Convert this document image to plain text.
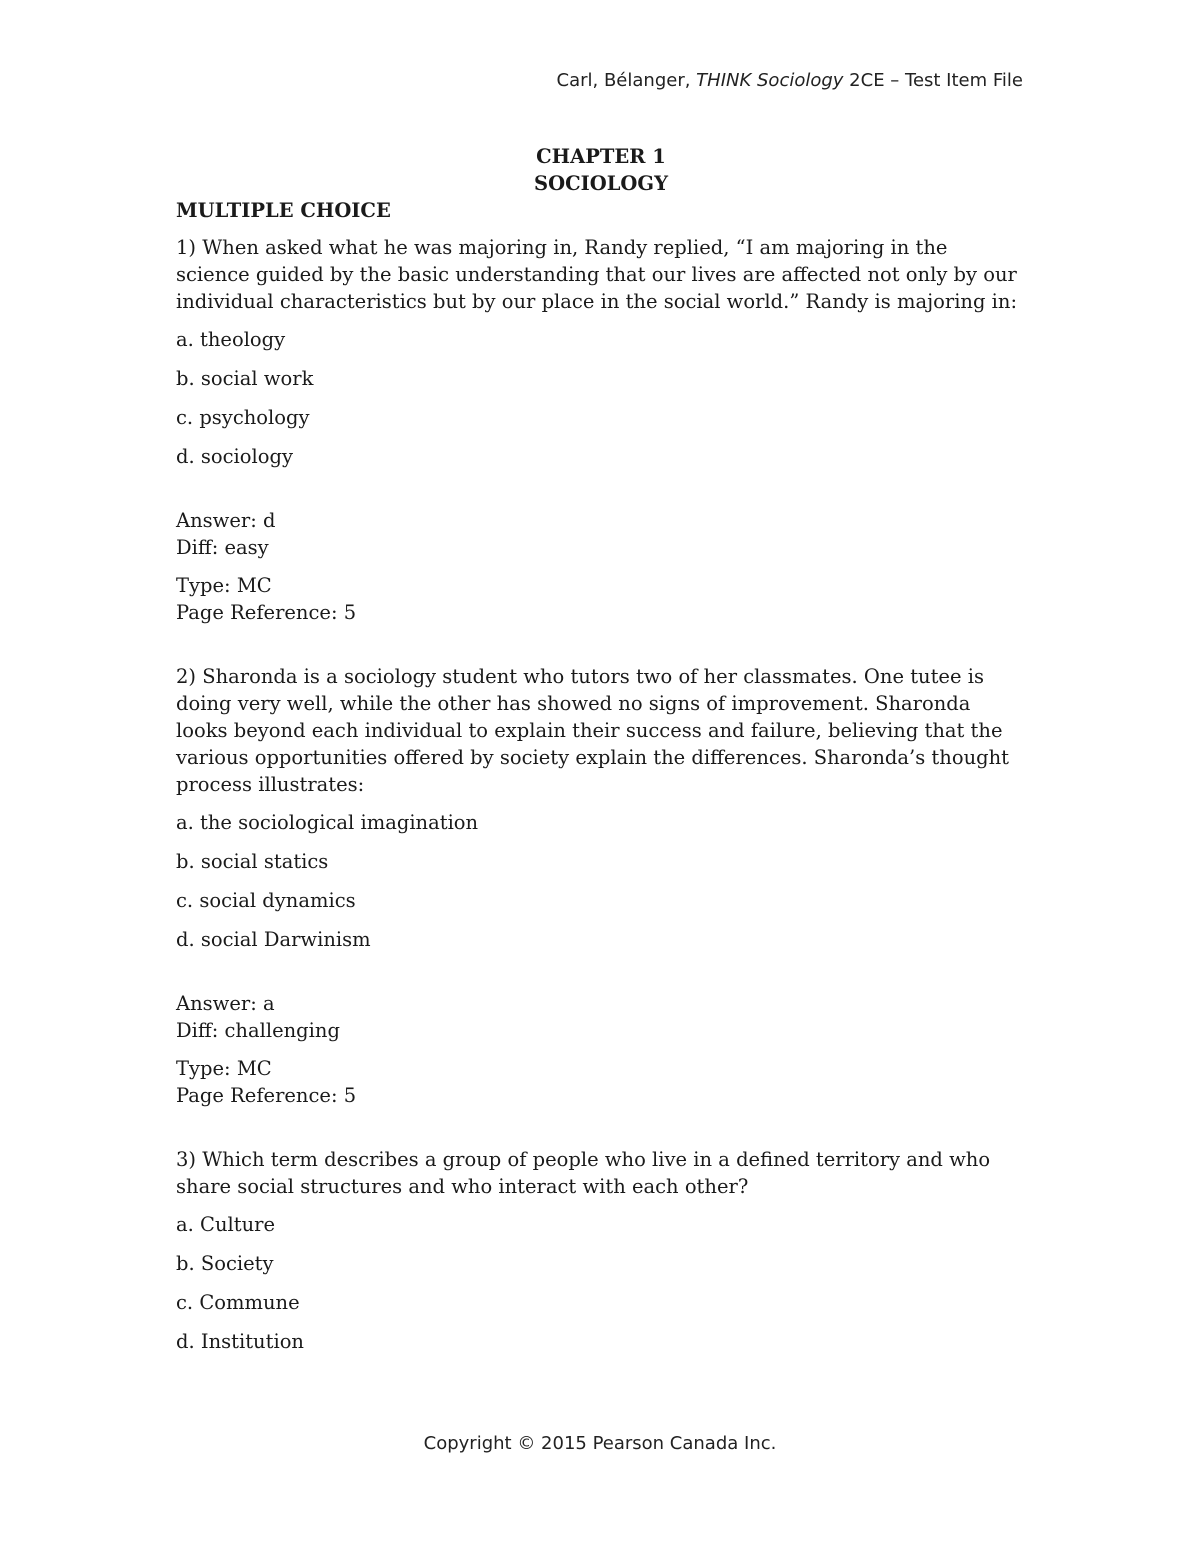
Carl, Bélanger, THINK Sociology 2CE – Test Item File
CHAPTER 1
SOCIOLOGY
MULTIPLE CHOICE

1) When asked what he was majoring in, Randy replied, “I am majoring in the science guided by the basic understanding that our lives are affected not only by our individual characteristics but by our place in the social world.” Randy is majoring in:

a. theology

b. social work

c. psychology

d. sociology

Answer: d
Diff: easy
Type: MC
Page Reference: 5

2) Sharonda is a sociology student who tutors two of her classmates. One tutee is doing very well, while the other has showed no signs of improvement. Sharonda looks beyond each individual to explain their success and failure, believing that the various opportunities offered by society explain the differences. Sharonda’s thought process illustrates:

a. the sociological imagination

b. social statics

c. social dynamics

d. social Darwinism

Answer: a
Diff: challenging
Type: MC
Page Reference: 5

3) Which term describes a group of people who live in a defined territory and who share social structures and who interact with each other?

a. Culture

b. Society

c. Commune

d. Institution

Copyright © 2015 Pearson Canada Inc.
